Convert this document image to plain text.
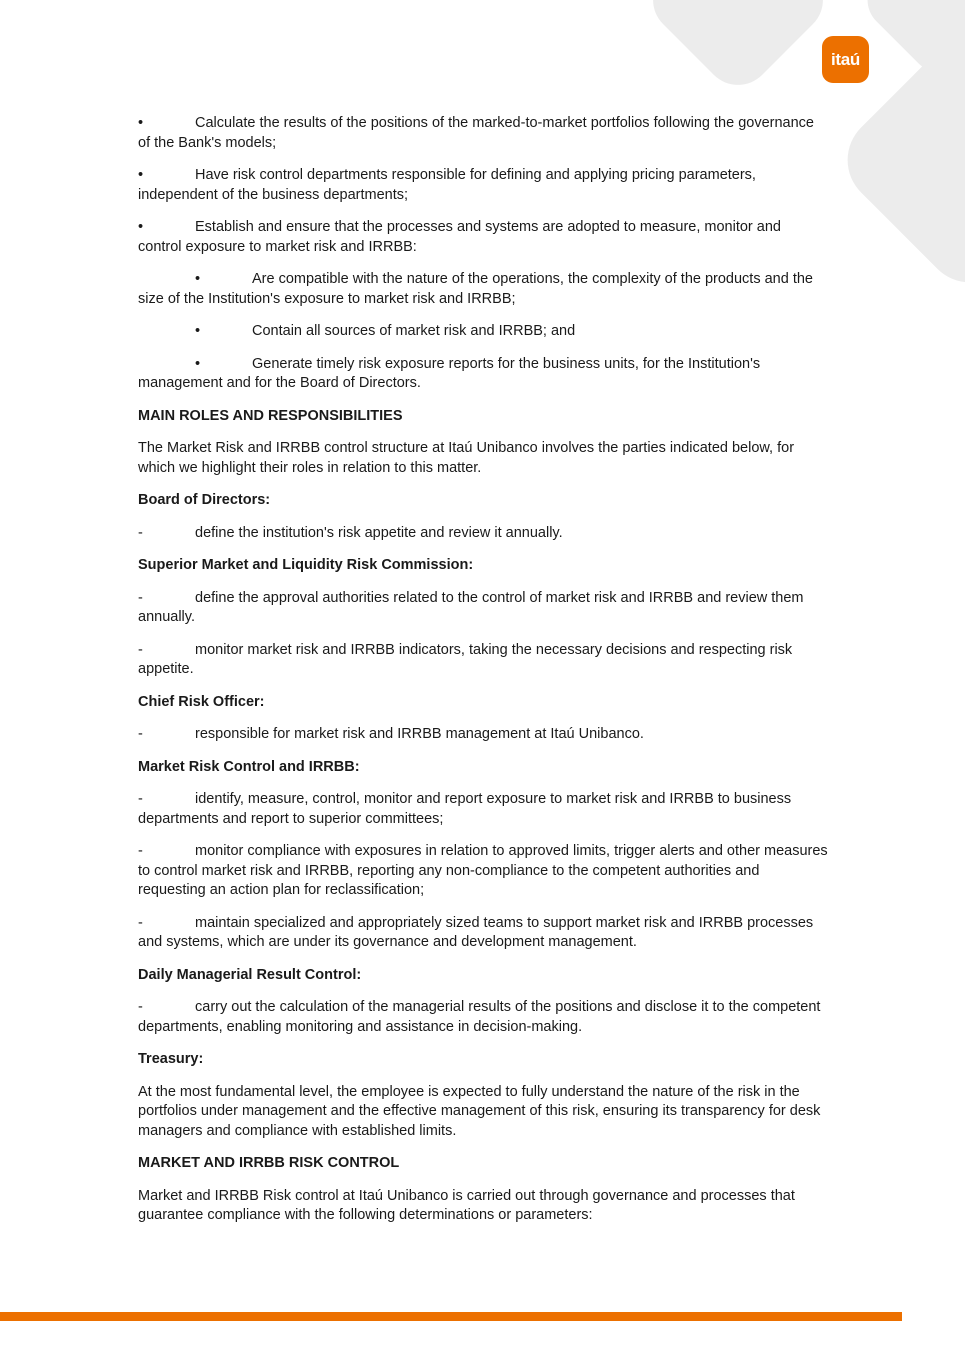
itaú

•	Calculate the results of the positions of the marked-to-market portfolios following the governance of the Bank's models;

•	Have risk control departments responsible for defining and applying pricing parameters, independent of the business departments;

•	Establish and ensure that the processes and systems are adopted to measure, monitor and control exposure to market risk and IRRBB:

•	Are compatible with the nature of the operations, the complexity of the products and the size of the Institution's exposure to market risk and IRRBB;

•	Contain all sources of market risk and IRRBB; and

•	Generate timely risk exposure reports for the business units, for the Institution's management and for the Board of Directors.

MAIN ROLES AND RESPONSIBILITIES

The Market Risk and IRRBB control structure at Itaú Unibanco involves the parties indicated below, for which we highlight their roles in relation to this matter.

Board of Directors:

-	define the institution's risk appetite and review it annually.

Superior Market and Liquidity Risk Commission:

-	define the approval authorities related to the control of market risk and IRRBB and review them annually.

-	monitor market risk and IRRBB indicators, taking the necessary decisions and respecting risk appetite.

Chief Risk Officer:

-	responsible for market risk and IRRBB management at Itaú Unibanco.

Market Risk Control and IRRBB:

-	identify, measure, control, monitor and report exposure to market risk and IRRBB to business departments and report to superior committees;

-	monitor compliance with exposures in relation to approved limits, trigger alerts and other measures to control market risk and IRRBB, reporting any non-compliance to the competent authorities and requesting an action plan for reclassification;

-	maintain specialized and appropriately sized teams to support market risk and IRRBB processes and systems, which are under its governance and development management.

Daily Managerial Result Control:

-	carry out the calculation of the managerial results of the positions and disclose it to the competent departments, enabling monitoring and assistance in decision-making.

Treasury:

At the most fundamental level, the employee is expected to fully understand the nature of the risk in the portfolios under management and the effective management of this risk, ensuring its transparency for desk managers and compliance with established limits.

MARKET AND IRRBB RISK CONTROL

Market and IRRBB Risk control at Itaú Unibanco is carried out through governance and processes that guarantee compliance with the following determinations or parameters:
